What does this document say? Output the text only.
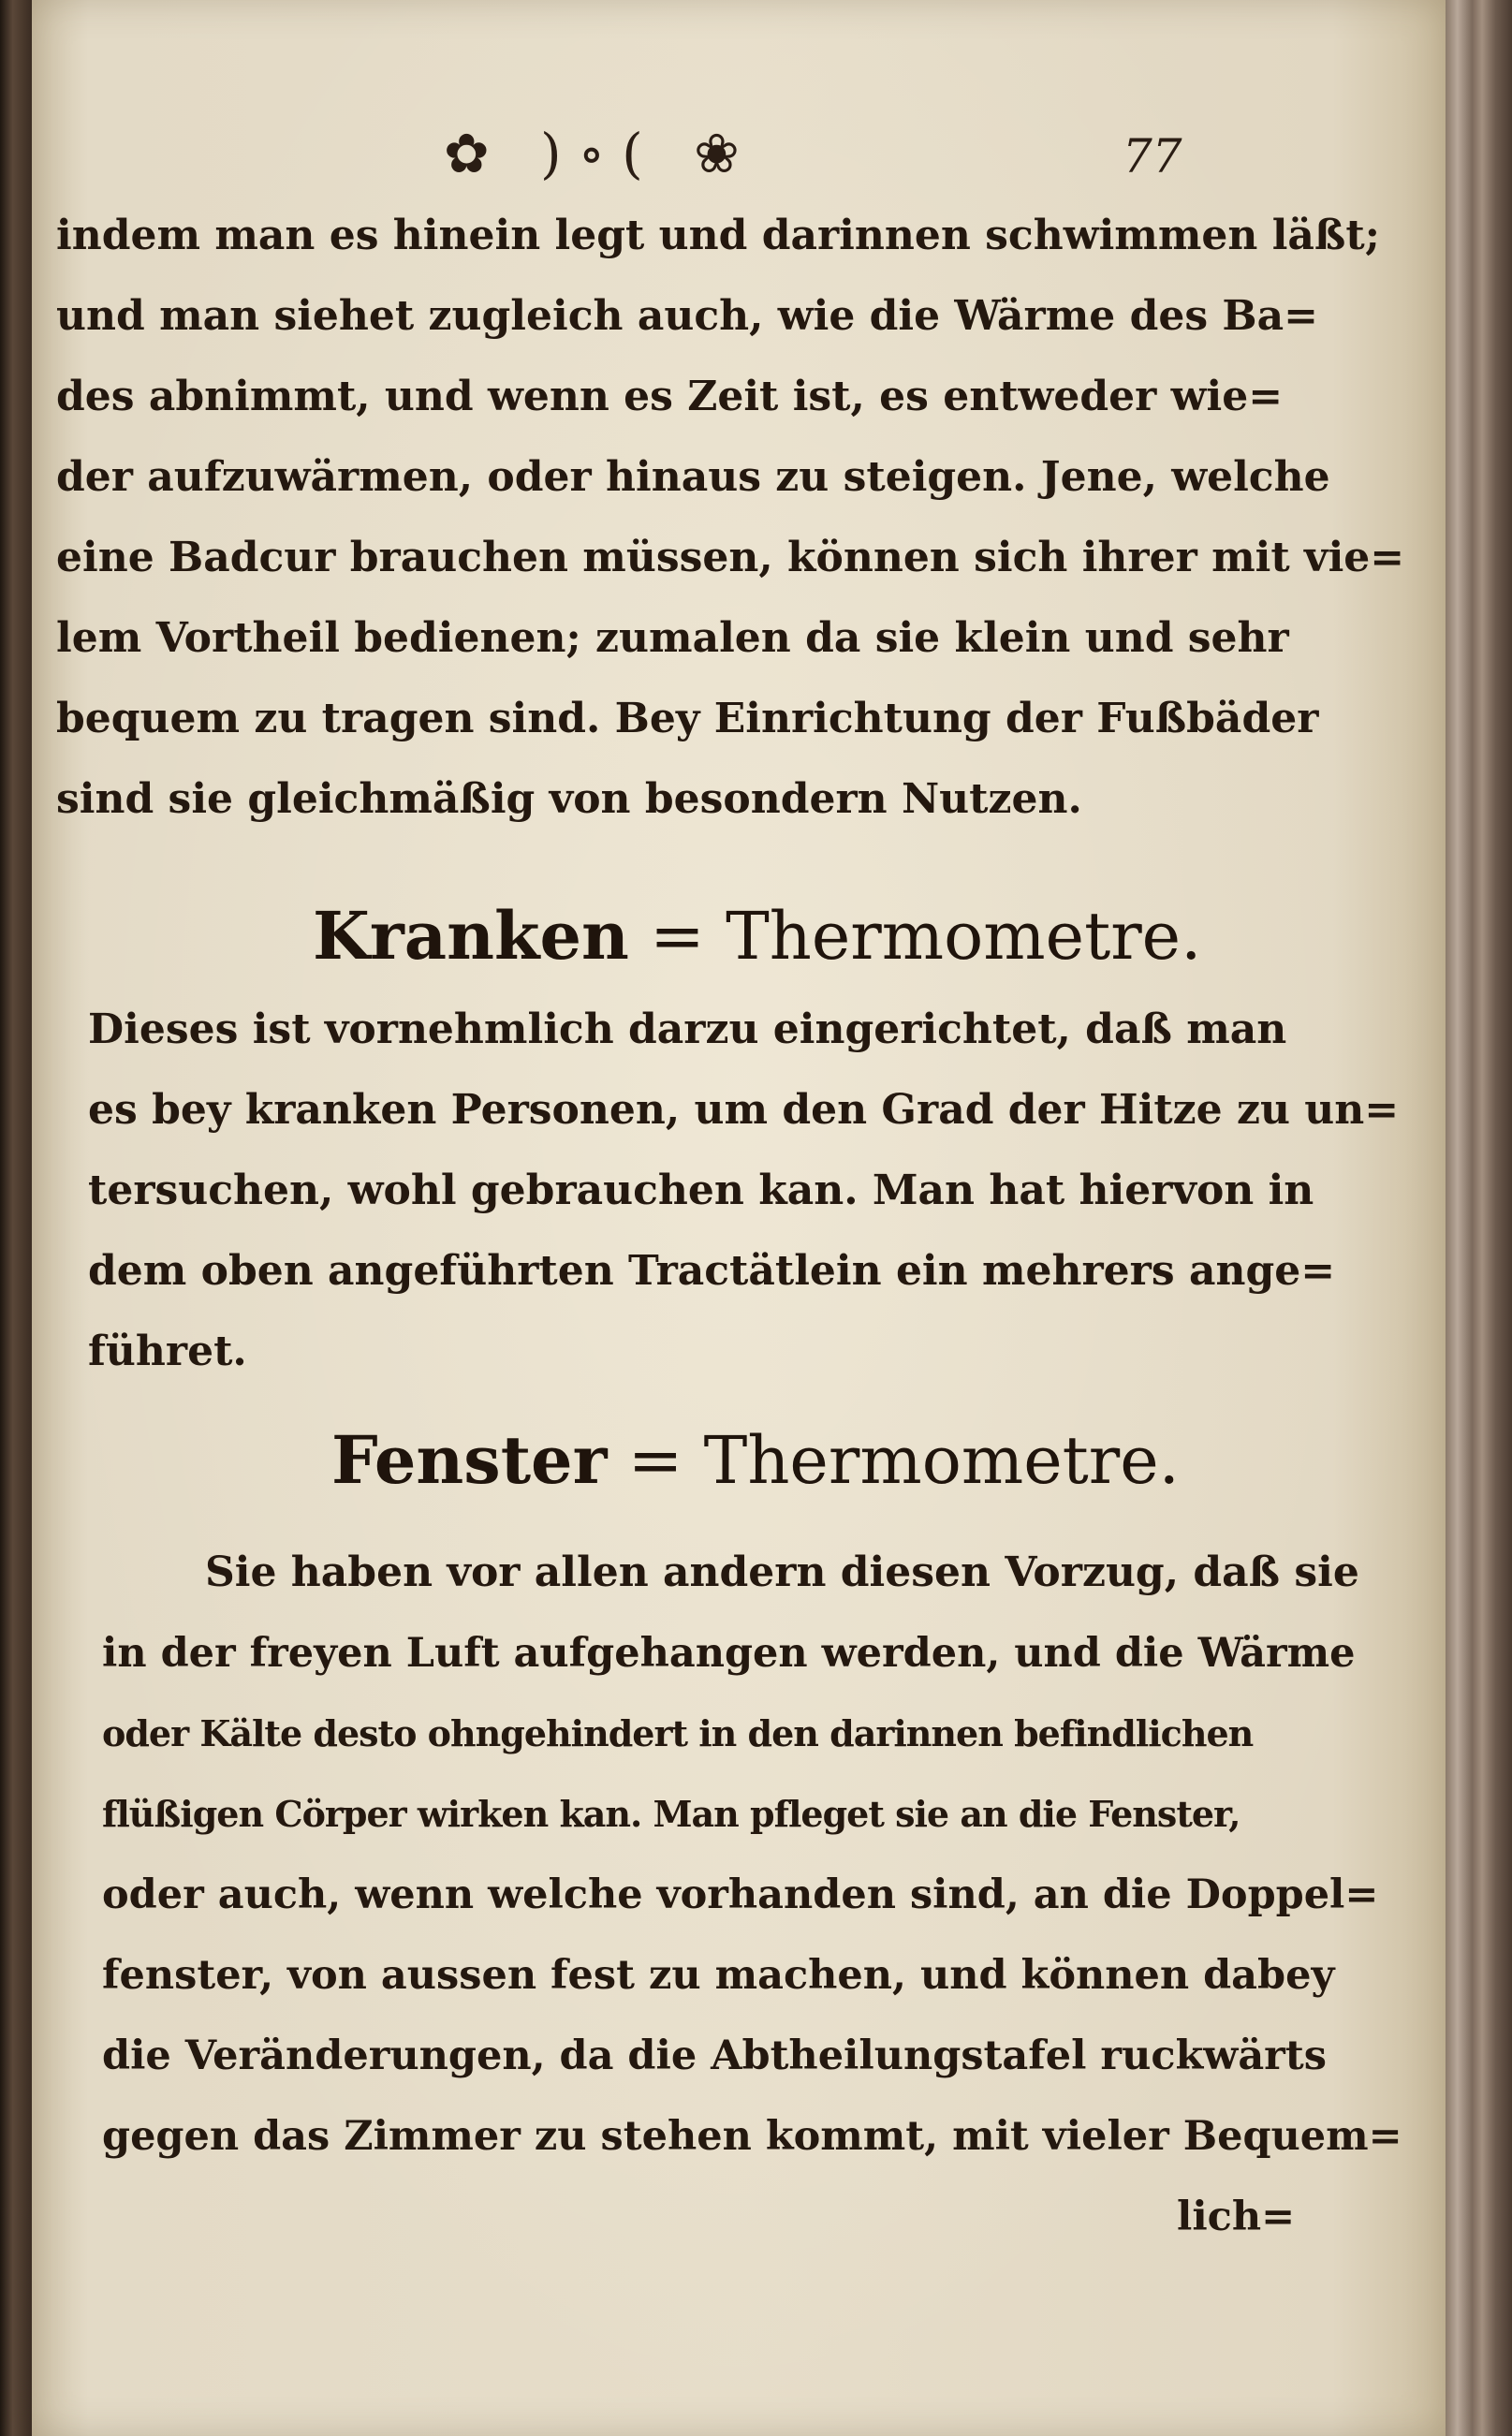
✿ )∘( ❀	77
indem man es hinein legt und darinnen schwimmen läßt;
und man siehet zugleich auch, wie die Wärme des Ba=
des abnimmt, und wenn es Zeit ist, es entweder wie=
der aufzuwärmen, oder hinaus zu steigen. Jene, welche
eine Badcur brauchen müssen, können sich ihrer mit vie=
lem Vortheil bedienen; zumalen da sie klein und sehr
bequem zu tragen sind. Bey Einrichtung der Fußbäder
sind sie gleichmäßig von besondern Nutzen.
Kranken = Thermometre.
Dieses ist vornehmlich darzu eingerichtet, daß man
es bey kranken Personen, um den Grad der Hitze zu un=
tersuchen, wohl gebrauchen kan. Man hat hiervon in
dem oben angeführten Tractätlein ein mehrers ange=
führet.
Fenster = Thermometre.
Sie haben vor allen andern diesen Vorzug, daß sie
in der freyen Luft aufgehangen werden, und die Wärme
oder Kälte desto ohngehindert in den darinnen befindlichen
flüßigen Cörper wirken kan. Man pfleget sie an die Fenster,
oder auch, wenn welche vorhanden sind, an die Doppel=
fenster, von aussen fest zu machen, und können dabey
die Veränderungen, da die Abtheilungstafel ruckwärts
gegen das Zimmer zu stehen kommt, mit vieler Bequem=
lich=
